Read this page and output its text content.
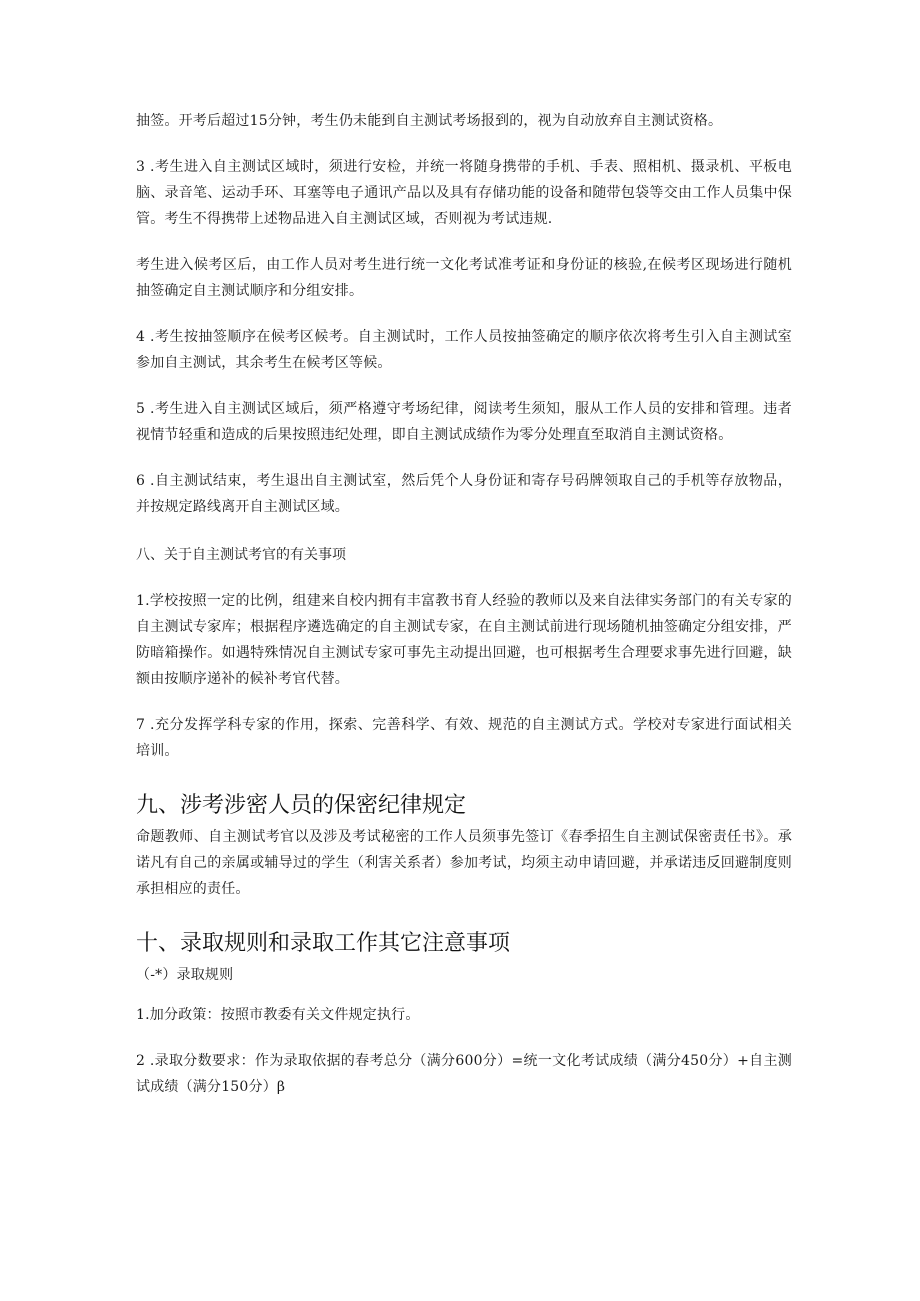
抽签。开考后超过15分钟，考生仍未能到自主测试考场报到的，视为自动放弃自主测试资格。

3 .考生进入自主测试区域时，须进行安检，并统一将随身携带的手机、手表、照相机、摄录机、平板电脑、录音笔、运动手环、耳塞等电子通讯产品以及具有存储功能的设备和随带包袋等交由工作人员集中保管。考生不得携带上述物品进入自主测试区域，否则视为考试违规.

考生进入候考区后，由工作人员对考生进行统一文化考试准考证和身份证的核验,在候考区现场进行随机抽签确定自主测试顺序和分组安排。

4 .考生按抽签顺序在候考区候考。自主测试时，工作人员按抽签确定的顺序依次将考生引入自主测试室参加自主测试，其余考生在候考区等候。

5 .考生进入自主测试区域后，须严格遵守考场纪律，阅读考生须知，服从工作人员的安排和管理。违者视情节轻重和造成的后果按照违纪处理，即自主测试成绩作为零分处理直至取消自主测试资格。

6 .自主测试结束，考生退出自主测试室，然后凭个人身份证和寄存号码牌领取自己的手机等存放物品，并按规定路线离开自主测试区域。

八、关于自主测试考官的有关事项

1.学校按照一定的比例，组建来自校内拥有丰富教书育人经验的教师以及来自法律实务部门的有关专家的自主测试专家库；根据程序遴选确定的自主测试专家，在自主测试前进行现场随机抽签确定分组安排，严防暗箱操作。如遇特殊情况自主测试专家可事先主动提出回避，也可根据考生合理要求事先进行回避，缺额由按顺序递补的候补考官代替。

7 .充分发挥学科专家的作用，探索、完善科学、有效、规范的自主测试方式。学校对专家进行面试相关培训。

九、涉考涉密人员的保密纪律规定

命题教师、自主测试考官以及涉及考试秘密的工作人员须事先签订《春季招生自主测试保密责任书》。承诺凡有自己的亲属或辅导过的学生（利害关系者）参加考试，均须主动申请回避，并承诺违反回避制度则承担相应的责任。

十、录取规则和录取工作其它注意事项

（-*）录取规则

1.加分政策：按照市教委有关文件规定执行。

2 .录取分数要求：作为录取依据的春考总分（满分600分）=统一文化考试成绩（满分450分）+自主测试成绩（满分150分）β
